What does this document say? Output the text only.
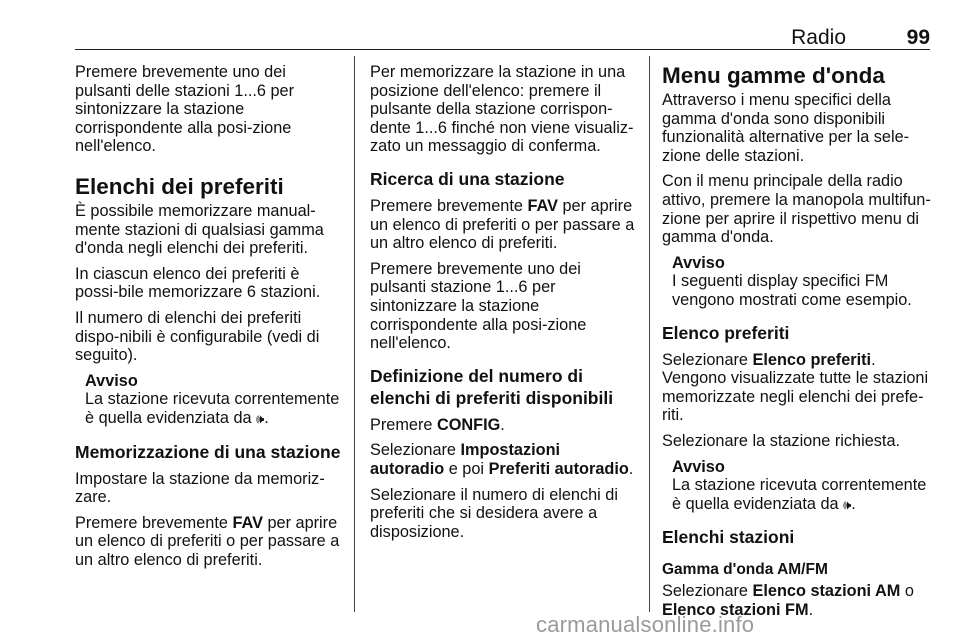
Radio	99

Premere brevemente uno dei pulsanti delle stazioni 1...6 per sintonizzare la stazione corrispondente alla posi-zione nell'elenco.

Elenchi dei preferiti

È possibile memorizzare manual-mente stazioni di qualsiasi gamma d'onda negli elenchi dei preferiti.

In ciascun elenco dei preferiti è possi-bile memorizzare 6 stazioni.

Il numero di elenchi dei preferiti dispo-nibili è configurabile (vedi di seguito).

Avviso
La stazione ricevuta correntemente è quella evidenziata da 🕪.
Memorizzazione di una stazione

Impostare la stazione da memoriz-zare.

Premere brevemente FAV per aprire un elenco di preferiti o per passare a un altro elenco di preferiti.

Per memorizzare la stazione in una posizione dell'elenco: premere il pulsante della stazione corrispon-dente 1...6 finché non viene visualiz-zato un messaggio di conferma.

Ricerca di una stazione

Premere brevemente FAV per aprire un elenco di preferiti o per passare a un altro elenco di preferiti.

Premere brevemente uno dei pulsanti stazione 1...6 per sintonizzare la stazione corrispondente alla posi-zione nell'elenco.

Definizione del numero di elenchi di preferiti disponibili

Premere CONFIG.

Selezionare Impostazioni autoradio e poi Preferiti autoradio.

Selezionare il numero di elenchi di preferiti che si desidera avere a disposizione.

Menu gamme d'onda

Attraverso i menu specifici della gamma d'onda sono disponibili funzionalità alternative per la sele-zione delle stazioni.

Con il menu principale della radio attivo, premere la manopola multifun-zione per aprire il rispettivo menu di gamma d'onda.

Avviso
I seguenti display specifici FM vengono mostrati come esempio.
Elenco preferiti

Selezionare Elenco preferiti.

Vengono visualizzate tutte le stazioni memorizzate negli elenchi dei prefe-riti.

Selezionare la stazione richiesta.

Avviso
La stazione ricevuta correntemente è quella evidenziata da 🕪.
Elenchi stazioni
Gamma d'onda AM/FM

Selezionare Elenco stazioni AM o Elenco stazioni FM.

carmanualsonline.info
